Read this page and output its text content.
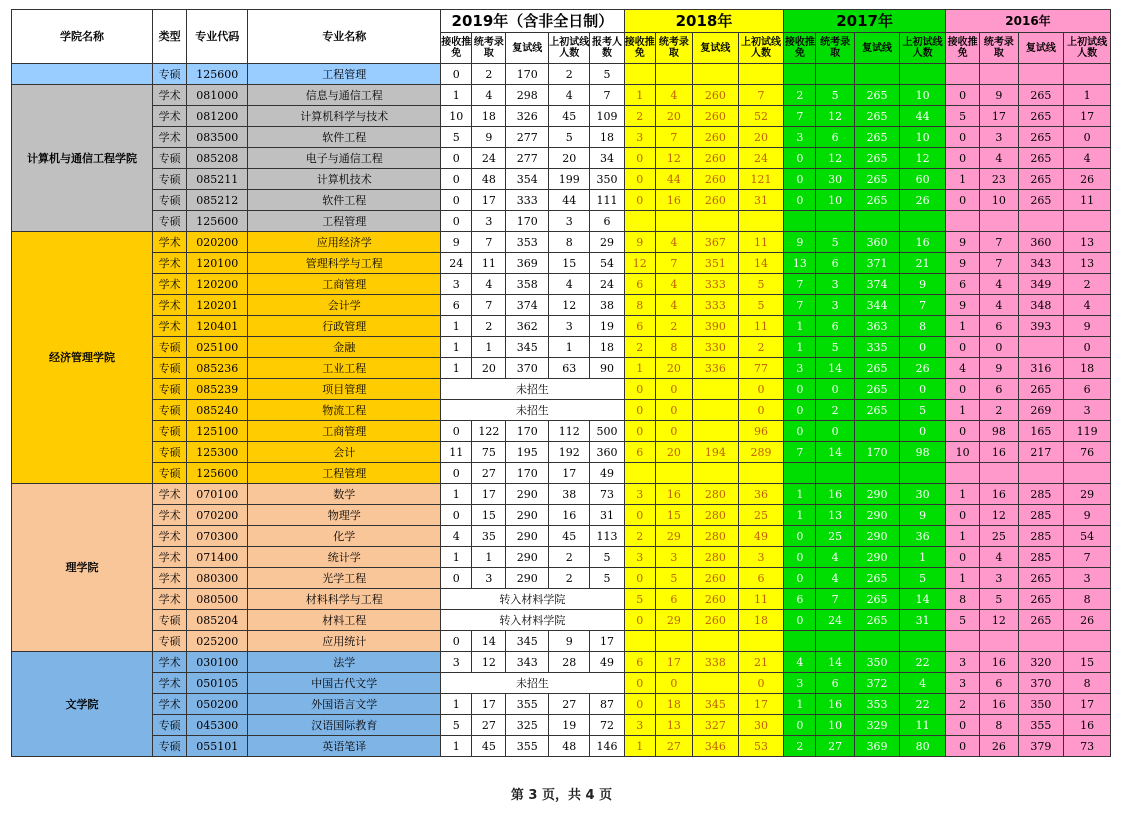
学院名称	类型	专业代码	专业名称	2019年（含非全日制）					2018年				2017年				2016年			
				接收推免	统考录取	复试线	上初试线人数	报考人数	接收推免	统考录取	复试线	上初试线人数	接收推免	统考录取	复试线	上初试线人数	接收推免	统考录取	复试线	上初试线人数
	专硕	125600	工程管理	0	2	170	2	5												
计算机与通信工程学院	学术	081000	信息与通信工程	1	4	298	4	7	1	4	260	7	2	5	265	10	0	9	265	1
	学术	081200	计算机科学与技术	10	18	326	45	109	2	20	260	52	7	12	265	44	5	17	265	17
	学术	083500	软件工程	5	9	277	5	18	3	7	260	20	3	6	265	10	0	3	265	0
	专硕	085208	电子与通信工程	0	24	277	20	34	0	12	260	24	0	12	265	12	0	4	265	4
	专硕	085211	计算机技术	0	48	354	199	350	0	44	260	121	0	30	265	60	1	23	265	26
	专硕	085212	软件工程	0	17	333	44	111	0	16	260	31	0	10	265	26	0	10	265	11
	专硕	125600	工程管理	0	3	170	3	6												
经济管理学院	学术	020200	应用经济学	9	7	353	8	29	9	4	367	11	9	5	360	16	9	7	360	13
	学术	120100	管理科学与工程	24	11	369	15	54	12	7	351	14	13	6	371	21	9	7	343	13
	学术	120200	工商管理	3	4	358	4	24	6	4	333	5	7	3	374	9	6	4	349	2
	学术	120201	会计学	6	7	374	12	38	8	4	333	5	7	3	344	7	9	4	348	4
	学术	120401	行政管理	1	2	362	3	19	6	2	390	11	1	6	363	8	1	6	393	9
	专硕	025100	金融	1	1	345	1	18	2	8	330	2	1	5	335	0	0	0		0
	专硕	085236	工业工程	1	20	370	63	90	1	20	336	77	3	14	265	26	4	9	316	18
	专硕	085239	项目管理	未招生					0	0		0	0	0	265	0	0	6	265	6
	专硕	085240	物流工程	未招生					0	0		0	0	2	265	5	1	2	269	3
	专硕	125100	工商管理	0	122	170	112	500	0	0		96	0	0		0	0	98	165	119
	专硕	125300	会计	11	75	195	192	360	6	20	194	289	7	14	170	98	10	16	217	76
	专硕	125600	工程管理	0	27	170	17	49												
理学院	学术	070100	数学	1	17	290	38	73	3	16	280	36	1	16	290	30	1	16	285	29
	学术	070200	物理学	0	15	290	16	31	0	15	280	25	1	13	290	9	0	12	285	9
	学术	070300	化学	4	35	290	45	113	2	29	280	49	0	25	290	36	1	25	285	54
	学术	071400	统计学	1	1	290	2	5	3	3	280	3	0	4	290	1	0	4	285	7
	学术	080300	光学工程	0	3	290	2	5	0	5	260	6	0	4	265	5	1	3	265	3
	学术	080500	材料科学与工程	转入材料学院					5	6	260	11	6	7	265	14	8	5	265	8
	专硕	085204	材料工程	转入材料学院					0	29	260	18	0	24	265	31	5	12	265	26
	专硕	025200	应用统计	0	14	345	9	17												
文学院	学术	030100	法学	3	12	343	28	49	6	17	338	21	4	14	350	22	3	16	320	15
	学术	050105	中国古代文学	未招生					0	0		0	3	6	372	4	3	6	370	8
	学术	050200	外国语言文学	1	17	355	27	87	0	18	345	17	1	16	353	22	2	16	350	17
	专硕	045300	汉语国际教育	5	27	325	19	72	3	13	327	30	0	10	329	11	0	8	355	16
	专硕	055101	英语笔译	1	45	355	48	146	1	27	346	53	2	27	369	80	0	26	379	73
第 3 页，共 4 页
